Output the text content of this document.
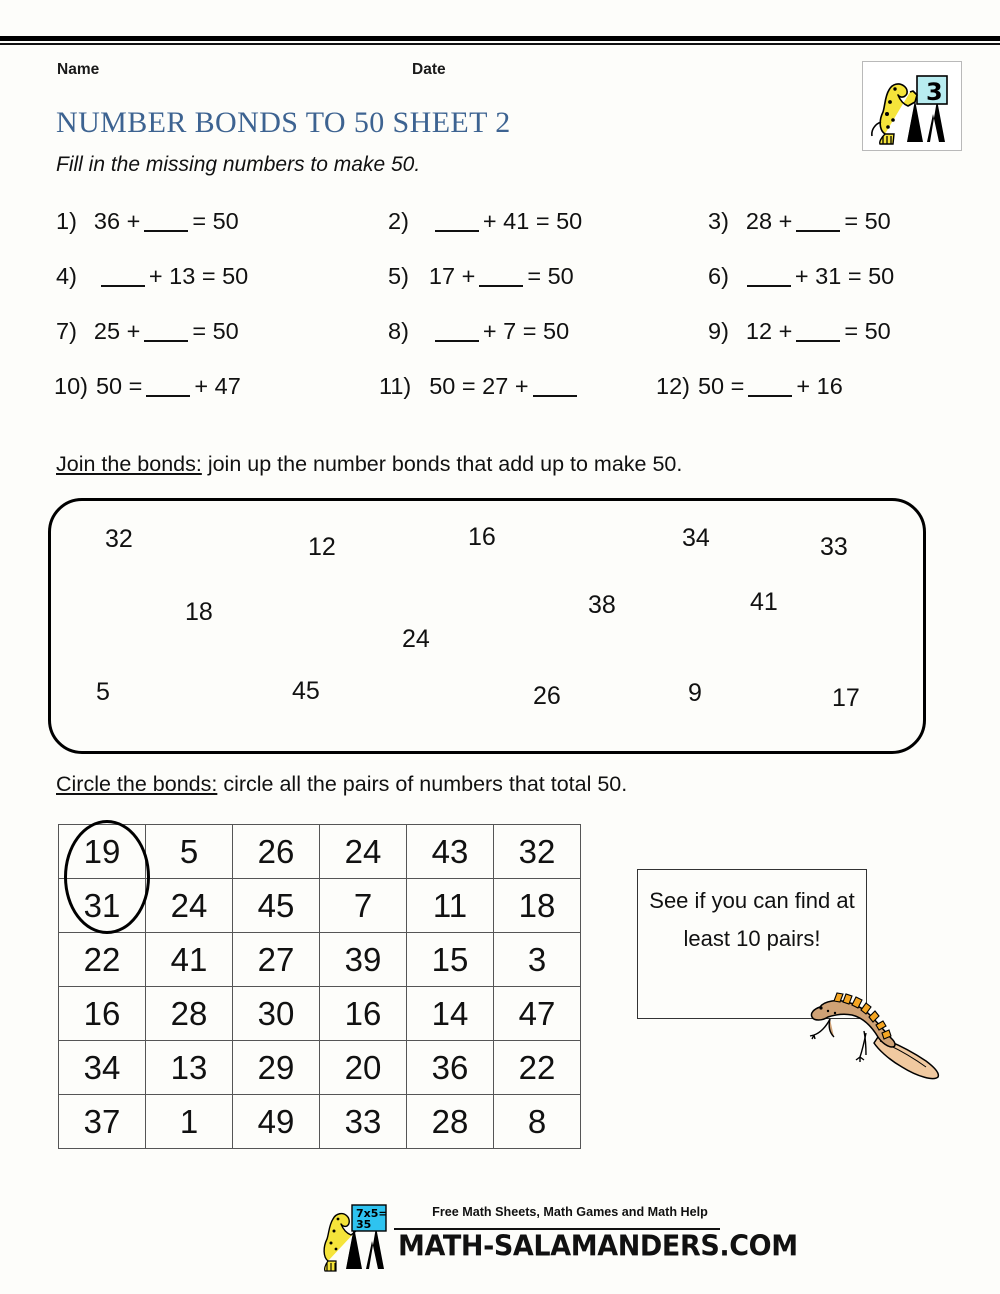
Name	Date
3
NUMBER BONDS TO 50 SHEET 2
Fill in the missing numbers to make 50.
1) 36 + = 50	2)	+ 41 = 50	3) 28 + = 50
4)	+ 13 = 50	5) 17 + = 50	6)	+ 31 = 50
7) 25 + = 50	8)	+ 7 = 50	9) 12 + = 50
10) 50 = + 47	11) 50 = 27 +	12) 50 = + 16
Join the bonds: join up the number bonds that add up to make 50.
32	12	16	34	33
18	38	41
24
5	45	26	9	17
Circle the bonds: circle all the pairs of numbers that total 50.
19	5	26	24	43	32
31	24	45	7	11	18
22	41	27	39	15	3
16	28	30	16	14	47
34	13	29	20	36	22
37	1	49	33	28	8
See if you can find at least 10 pairs!
7x5=
35
Free Math Sheets, Math Games and Math Help
MATH-SALAMANDERS.COM
